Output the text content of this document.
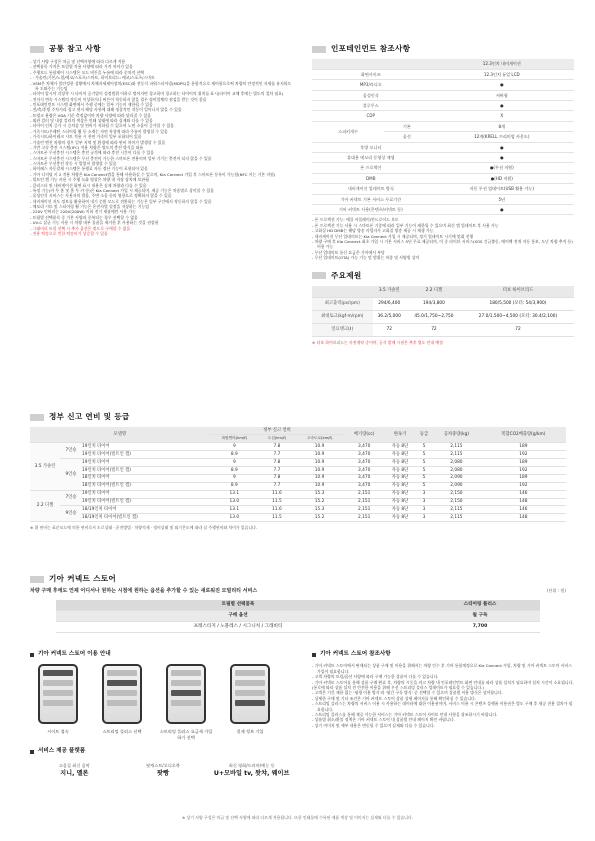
공통 참고 사항
- 상기 사양 구성은 차급 및 선택사양에 따라 다르게 적용
- 선택품목 가격은 트림별 적용 사양에 따라 가격 차이가 있음
- 주행모드 통합제어 시스템은 모드 버튼을 누름에 따라 순차적 선택
- · 가솔린(기본/노멀/에코/스포츠/스마트, 하이브리드: 에코/스포츠/스마트
- VSM은 차체가 불안정한 상황에서 차체자세제어장치(ESC)와 전동식 파워스티어링(MDPS)을 통합적으로 제어함으로써 차량의 안정적인 자세를 유지하도록 도와주는 기능임
- 타이어 압시어 각장착 시 타이어 공기압이 설정범위 이하로 떨어지면 경고하며 경고하는 타이어의 위치를 표시(타이어 교체 후에는 별도의 절차 필요)
- 전자식 변속 시스템의 작동이 이상하거나 버튼이 작동하지 않을 경우 정비업체의 점검을 받는 것이 좋음
- 인포테인먼트 시스템 화면에서 주행 중에는 일부 기능이 제한될 수 있음
- 전/측/후방 주차거리 경고 센서 해당 사항에 대해 정상적인 작동이 일어나지 않을 수 있음
- 트렁크 용량은 VDA 기준 측정값이며 차량 사양에 따라 달라질 수 있음
- 외관 컬러 및 내장 컬러의 색상은 인쇄 상태에 따라 실제와 다를 수 있음
- 타이어 인치 증가 시 승차감 및 연비가 저하될 수 있으며 노면 소음이 증가할 수 있음
- 가죽시트/우레탄 스티어링 휠 등 소재는 자연 특성에 따라 주름이 발생할 수 있음
- 가죽시트/하이테크 시트 적용 시 천연 가죽이 일부 포함되어 있음
- 가솔린 엔진 차량의 경우 일부 지역 및 환경에 따라 연비 차이가 발생할 수 있음
- 기반 고속 충전 시스템(IFC) 적용 차량은 별도의 충전 방식을 따름
- 스마트폰 무선충전 시스템은 충전 규격에 따라 충전 시간이 다를 수 있음
- 스마트폰 무선충전 시스템은 무선 충전이 가능한 스마트폰 전용이며 일부 기기는 충전이 되지 않을 수 있음
- 스마트폰 무선충전 작동 시 발열이 발생할 수 있음
- 하이패스 자동결제 시스템은 통행료 자동 정산 기능이 포함되어 있음
- 기아 디지털 키 2 적용 차량은 Kia Connect앱을 통해 사용하실 수 있으며, Kia Connect 가입 후 스마트폰 등록이 가능함(NFC 키는 기본 지원)
- 빌트인 캠 기능 사용 시 주행 녹화 영상은 차량 내 저장 장치에 보관됨
- 클러스터 및 내비게이션 화면 표시 내용은 실제 차량과 다를 수 있음
- 특정 기능(카 투 홈 및 홈 투 카 등)은 Kia Connect 가입 시 제공되며, 제공 기능은 차종별로 상이할 수 있음
- 음성인식 서비스는 사용자의 발음, 주변 소음 등의 영향으로 정확하지 않을 수 있음
- 내비게이션 지도 정보를 활용하여 내기 순환 모드로 전환하는 기능은 일부 구간에서 작동하지 않을 수 있음
- 메모리 시트 및 스티어링 휠 기능은 운전자별 설정을 저장하는 기능임
- 220V 인버터는 220V(200W) 이하 전기 제품에만 사용 가능
- 트립별 선택품목 중 기본 사양과 중복되는 경우 선택할 수 없음
- UV-C 살균 기능 사용 시 차량 내부 물품을 제거한 후 사용하는 것을 권장함
- 그래비티 트림 선택 시 추가 옵션은 별도로 구매할 수 없음
- 전용 탁송으로 인한 탁송비가 상승할 수 있음
인포테인먼트 참조사항
		12.3인치 내비게이션
화면사이즈		12.3인치 듀얼 LCD
MP3/라디오		●
음성인식		서버형
블루투스		●
CDP		X
스피커개수	기본	8개
	옵션	12개(KRELL 프리미엄 사운드)
후방 모니터		●
휴대용 메모리 동영상 재생		●
폰 프로젝션		●(무선 지원)
DMB		●(HD 지원)
내비게이션 업데이트 방식		자동 무선 업데이트(USB 활용 가능)
기아 커넥트 기본 서비스 무료기간		5년
기아 커넥트 사용(콘텐츠/커넥트 등)		●

- 폰 프로젝션 기능: 애플 카플레이/안드로이드 오토

- 폰 프로젝션 기능 사용 시 스마트폰 기종에 따라 일부 기능이 제한될 수 있으며 최신 앱 업데이트 후 사용 가능

- 고화질 HD DMB는 해당 방송 사업자가 고화질 방송 제공 시 재생 가능

- 내비게이션 무선 업데이트는 Kia Connect 가입 시 제공되며, 정기 업데이트 시기에 맞춰 진행

- 차량 구매 후 Kia Connect 최초 가입 시 기본 서비스 5년 무료 제공되며, 이 중 라이브 서비스(SOS 긴급출동, 에어백 전개 자동 통보, 도난 차량 추적 등) 이용 가능

- 무선 업데이트 통신 요금은 기아에서 부담

- 무선 업데이트(OTA) 가능 기능 및 범위는 차종 및 사양별 상이

주요제원
	3.5 가솔린	2.2 디젤	터보 하이브리드
최고출력(ps/rpm)	294/6,400	194/3,800	180/5,500 (모터: 54/3,900)
최대토크(kgf·m/rpm)	36.2/5,000	45.0/1,750~2,750	27.0/1,500~4,500 (모터: 30.4/2,100)
연료탱크(ℓ)	72	72	72
※ 터보 하이브리드는 사전계약 중이며, 공식 발매 시점은 추후 별도 안내 예정
정부 신고 연비 및 등급
모델명			정부 신고 연비			배기량(cc)	변속기	등급	공차중량(kg)	복합CO2배출량(g/km)
			복합연비(km/ℓ)	도심(km/ℓ)	고속도로(km/ℓ)					
3.5 가솔린	7인승	19인치 타이어	9	7.8	10.9	3,470	자동 8단	5	2,115	189
		19인치 타이어(빌트인 캠)	8.9	7.7	10.9	3,470	자동 8단	5	2,115	192
	9인승	19인치 타이어	9	7.8	10.9	3,470	자동 8단	5	2,080	189
		19인치 타이어(빌트인 캠)	8.9	7.7	10.9	3,470	자동 8단	5	2,080	192
		18인치 타이어	9	7.8	10.9	3,470	자동 8단	5	2,090	189
		18인치 타이어(빌트인 캠)	8.9	7.7	10.9	3,470	자동 8단	5	2,090	192
2.2 디젤	7인승	19인치 타이어	13.1	11.6	15.3	2,151	자동 8단	3	2,150	146
		19인치 타이어(빌트인 캠)	13.0	11.5	15.2	2,151	자동 8단	3	2,150	148
	9인승	18/19인치 타이어	13.1	11.6	15.3	2,151	자동 8단	3	2,115	146
		18/19인치 타이어(빌트인 캠)	13.0	11.5	15.2	2,151	자동 8단	3	2,115	148
※ 위 연비는 표준모드에 의한 연비로서 도로상태 · 운전방법 · 차량적재 · 정비상태 및 외기온도에 따라 실 주행연비와 차이가 있습니다.
기아 커넥트 스토어
차량 구매 후에도 언제 어디서나 원하는 시점에 원하는 옵션을 추가할 수 있는 새로워진 모빌리티 서비스	(단위 : 원)
트림별 선택품목	스티어링 플러스
구매 옵션	월 구독
프레스티지 / 노블레스 / 시그니처 / 그래비티	7,700
기아 커넥트 스토어 이용 안내
시이트 접속	스트리밍 플러스 선택	스트리밍 플러스 요금제 가입하기 선택
결제 정보 기입
서비스 제공 플랫폼
고음질 최신 음악
지니, 멜론
팟캐스트/오디오북
팟빵
최신 영화/드라마/예능 등
U+모바일 tv, 왓챠, 웨이브
기아 커넥트 스토어 참조사항
- 기아 커넥트 스토어에서 판매되는 상품 구매 및 이용을 위해서는 차량 인수 후 기아 통합계정으로 Kia Connect 가입, 차량 및 기아 커넥트 스토어 서비스 가입이 필요합니다.
- 고객 차량의 트림/옵션 사양에 따라 구매 가능한 상품이 다를 수 있습니다.
- 기아 커넥트 스토어를 통해 상품 구매 완료 후, 차량의 시동을 켜고 차량 내 인포테인먼트 화면 안내를 따라 상품 설치가 필요하며 설치 시간이 소요됩니다.
(통로에 따라 상품 설치 전 안전한 이용을 위해 우선 스트리밍 플러스 업데이트가 필요할 수 있습니다.)
- 고객은 기간 제한 없는 '평생 이용 방식'과 '월간 구독 방식' 중 선택할 수 있으며 상품별 이용 방식은 상이합니다.
- 상세한 구매 및 기타 조건은 기아 커넥트 스토어 상품 상세 페이지를 통해 확인하실 수 있습니다.
- 스트리밍 플러스는 차량의 서비스 이용 시 사용하는 데이터에 대한 이용권이며, 서비스 이용 시 콘텐츠 플랫폼 이용권은 별도 구매 후 제공 전용 절차가 필요합니다.
- 스트리밍 플러스를 통해 제공 가능한 서비스는 기아 커넥트 스토어 사이트 안내 사항을 참조하시기 바랍니다.
- 상품별 취소/환불 정책은 기아 커넥트 스토어 내 상품별 안내 페이지 확인 바랍니다.
- 상기 이미지 및 세부 내용은 변동될 수 있으며 실제와 다를 수 있습니다.
※ 상기 사양 구성은 차급 및 선택 사양에 따라 다르게 적용됩니다. 또한 인쇄물에 수록된 제품 색상 및 이미지는 실제와 다를 수 있습니다.
